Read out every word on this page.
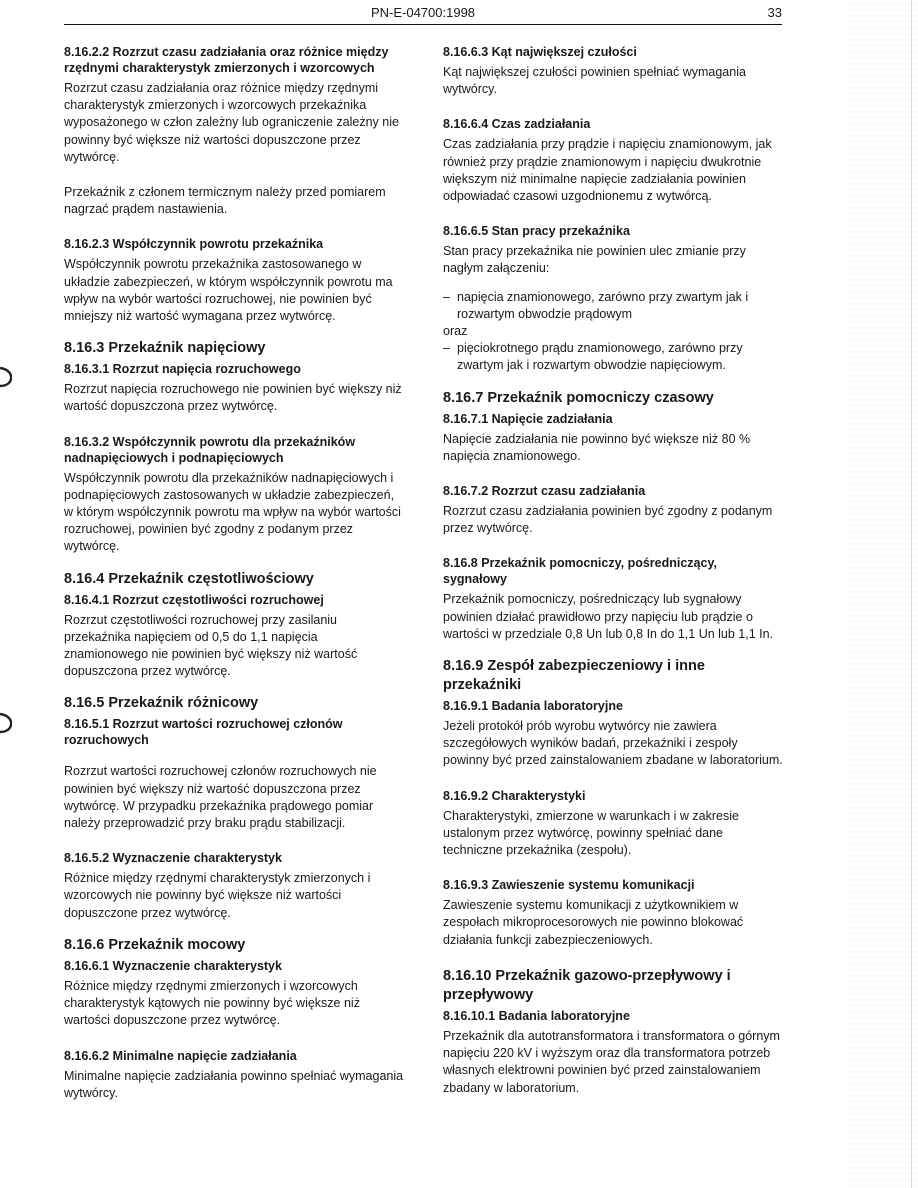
PN-E-04700:1998	33
8.16.2.2 Rozrzut czasu zadziałania oraz różnice między rzędnymi charakterystyk zmierzonych i wzorcowych
Rozrzut czasu zadziałania oraz różnice między rzędnymi charakterystyk zmierzonych i wzorcowych przekaźnika wyposażonego w człon zależny lub ograniczenie zależny nie powinny być większe niż wartości dopuszczone przez wytwórcę.
Przekaźnik z członem termicznym należy przed pomiarem nagrzać prądem nastawienia.
8.16.2.3 Współczynnik powrotu przekaźnika
Współczynnik powrotu przekaźnika zastosowanego w układzie zabezpieczeń, w którym współczynnik powrotu ma wpływ na wybór wartości rozruchowej, nie powinien być mniejszy niż wartość wymagana przez wytwórcę.
8.16.3 Przekaźnik napięciowy
8.16.3.1 Rozrzut napięcia rozruchowego
Rozrzut napięcia rozruchowego nie powinien być większy niż wartość dopuszczona przez wytwórcę.
8.16.3.2 Współczynnik powrotu dla przekaźników nadnapięciowych i podnapięciowych
Współczynnik powrotu dla przekaźników nadnapięciowych i podnapięciowych zastosowanych w układzie zabezpieczeń, w którym współczynnik powrotu ma wpływ na wybór wartości rozruchowej, powinien być zgodny z podanym przez wytwórcę.
8.16.4 Przekaźnik częstotliwościowy
8.16.4.1 Rozrzut częstotliwości rozruchowej
Rozrzut częstotliwości rozruchowej przy zasilaniu przekaźnika napięciem od 0,5 do 1,1 napięcia znamionowego nie powinien być większy niż wartość dopuszczona przez wytwórcę.
8.16.5 Przekaźnik różnicowy
8.16.5.1 Rozrzut wartości rozruchowej członów rozruchowych
Rozrzut wartości rozruchowej członów rozruchowych nie powinien być większy niż wartość dopuszczona przez wytwórcę. W przypadku przekaźnika prądowego pomiar należy przeprowadzić przy braku prądu stabilizacji.
8.16.5.2 Wyznaczenie charakterystyk
Różnice między rzędnymi charakterystyk zmierzonych i wzorcowych nie powinny być większe niż wartości dopuszczone przez wytwórcę.
8.16.6 Przekaźnik mocowy
8.16.6.1 Wyznaczenie charakterystyk
Różnice między rzędnymi zmierzonych i wzorcowych charakterystyk kątowych nie powinny być większe niż wartości dopuszczone przez wytwórcę.
8.16.6.2 Minimalne napięcie zadziałania
Minimalne napięcie zadziałania powinno spełniać wymagania wytwórcy.
8.16.6.3 Kąt największej czułości
Kąt największej czułości powinien spełniać wymagania wytwórcy.
8.16.6.4 Czas zadziałania
Czas zadziałania przy prądzie i napięciu znamionowym, jak również przy prądzie znamionowym i napięciu dwukrotnie większym niż minimalne napięcie zadziałania powinien odpowiadać czasowi uzgodnionemu z wytwórcą.
8.16.6.5 Stan pracy przekaźnika
Stan pracy przekaźnika nie powinien ulec zmianie przy nagłym załączeniu:
– napięcia znamionowego, zarówno przy zwartym jak i rozwartym obwodzie prądowym
oraz
– pięciokrotnego prądu znamionowego, zarówno przy zwartym jak i rozwartym obwodzie napięciowym.
8.16.7 Przekaźnik pomocniczy czasowy
8.16.7.1 Napięcie zadziałania
Napięcie zadziałania nie powinno być większe niż 80 % napięcia znamionowego.
8.16.7.2 Rozrzut czasu zadziałania
Rozrzut czasu zadziałania powinien być zgodny z podanym przez wytwórcę.
8.16.8 Przekaźnik pomocniczy, pośredniczący, sygnałowy
Przekaźnik pomocniczy, pośredniczący lub sygnałowy powinien działać prawidłowo przy napięciu lub prądzie o wartości w przedziale 0,8 Un lub 0,8 In do 1,1 Un lub 1,1 In.
8.16.9 Zespół zabezpieczeniowy i inne przekaźniki
8.16.9.1 Badania laboratoryjne
Jeżeli protokół prób wyrobu wytwórcy nie zawiera szczegółowych wyników badań, przekaźniki i zespoły powinny być przed zainstalowaniem zbadane w laboratorium.
8.16.9.2 Charakterystyki
Charakterystyki, zmierzone w warunkach i w zakresie ustalonym przez wytwórcę, powinny spełniać dane techniczne przekaźnika (zespołu).
8.16.9.3 Zawieszenie systemu komunikacji
Zawieszenie systemu komunikacji z użytkownikiem w zespołach mikroprocesorowych nie powinno blokować działania funkcji zabezpieczeniowych.
8.16.10 Przekaźnik gazowo-przepływowy i przepływowy
8.16.10.1 Badania laboratoryjne
Przekaźnik dla autotransformatora i transformatora o górnym napięciu 220 kV i wyższym oraz dla transformatora potrzeb własnych elektrowni powinien być przed zainstalowaniem zbadany w laboratorium.
